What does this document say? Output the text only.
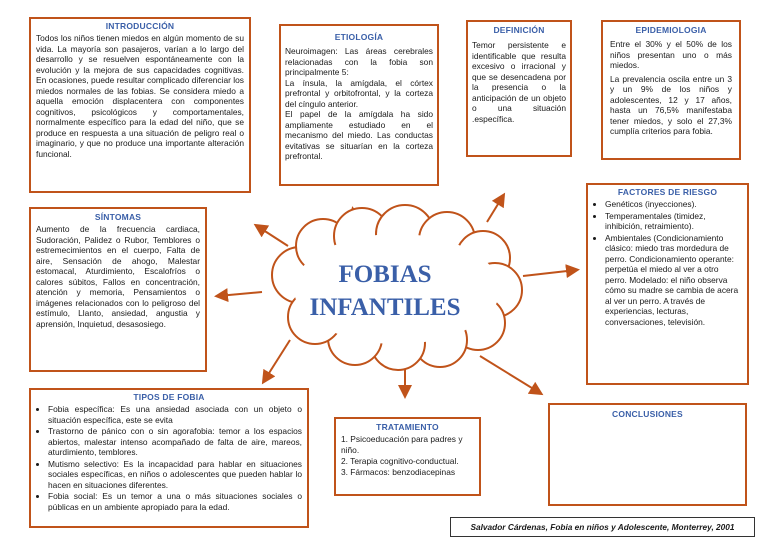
FOBIAS
INFANTILES
INTRODUCCIÓN

Todos los niños tienen miedos en algún momento de su vida. La mayoría son pasajeros, varían a lo largo del desarrollo y se resuelven espontáneamente con la evolución y la mejora de sus capacidades cognitivas. En ocasiones, puede resultar complicado diferenciar los miedos normales de las fobias. Se considera miedo a aquella emoción displacentera con componentes cognitivos, psicológicos y comportamentales, normalmente específico para la edad del niño, que se produce en respuesta a una situación de peligro real o imaginario, y que no produce una importante alteración funcional.

ETIOLOGÍA

Neuroimagen: Las áreas cerebrales relacionadas con la fobia son principalmente 5:

La ínsula, la amígdala, el córtex prefrontal y orbitofrontal, y la corteza del cíngulo anterior.

El papel de la amígdala ha sido ampliamente estudiado en el mecanismo del miedo. Las conductas evitativas se situarían en la corteza prefrontal.

DEFINICIÓN

Temor persistente e identificable que resulta excesivo o irracional y que se desencadena por la presencia o la anticipación de un objeto o una situación .específica.

EPIDEMIOLOGIA

Entre el 30% y el 50% de los niños presentan uno o más miedos.

La prevalencia oscila entre un 3 y un 9% de los niños y adolescentes, 12 y 17 años, hasta un 76,5% manifestaba tener miedos, y solo el 27,3% cumplía criterios para fobia.

SÍNTOMAS

Aumento de la frecuencia cardiaca, Sudoración, Palidez o Rubor, Temblores o estremecimientos en el cuerpo, Falta de aire, Sensación de ahogo, Malestar estomacal, Aturdimiento, Escalofríos o calores súbitos, Fallos en concentración, atención y memoria, Pensamientos o imágenes relacionados con lo peligroso del estímulo, Llanto, ansiedad, angustia y aprensión, Inquietud, desasosiego.

FACTORES DE RIESGO
• Genéticos (inyecciones).
• Temperamentales (timidez, inhibición, retraimiento).
• Ambientales (Condicionamiento clásico: miedo tras mordedura de perro. Condicionamiento operante: perpetúa el miedo al ver a otro perro. Modelado: el niño observa cómo su madre se cambia de acera al ver un perro. A través de experiencias, lecturas, conversaciones, televisión.
TIPOS DE FOBIA
• Fobia específica: Es una ansiedad asociada con un objeto o situación específica, este se evita
• Trastorno de pánico con o sin agorafobia: temor a los espacios abiertos, malestar intenso acompañado de falta de aire, mareos, aturdimiento, temblores.
• Mutismo selectivo: Es la incapacidad para hablar en situaciones sociales específicas, en niños o adolescentes que pueden hablar lo hacen en situaciones diferentes.
• Fobia social: Es un temor a una o más situaciones sociales o públicas en un ambiente apropiado para la edad.
TRATAMIENTO
1. Psicoeducación para padres y niño.
2. Terapia cognitivo-conductual.
3. Fármacos: benzodiacepinas
CONCLUSIONES
Salvador Cárdenas, Fobia en niños y Adolescente, Monterrey, 2001
